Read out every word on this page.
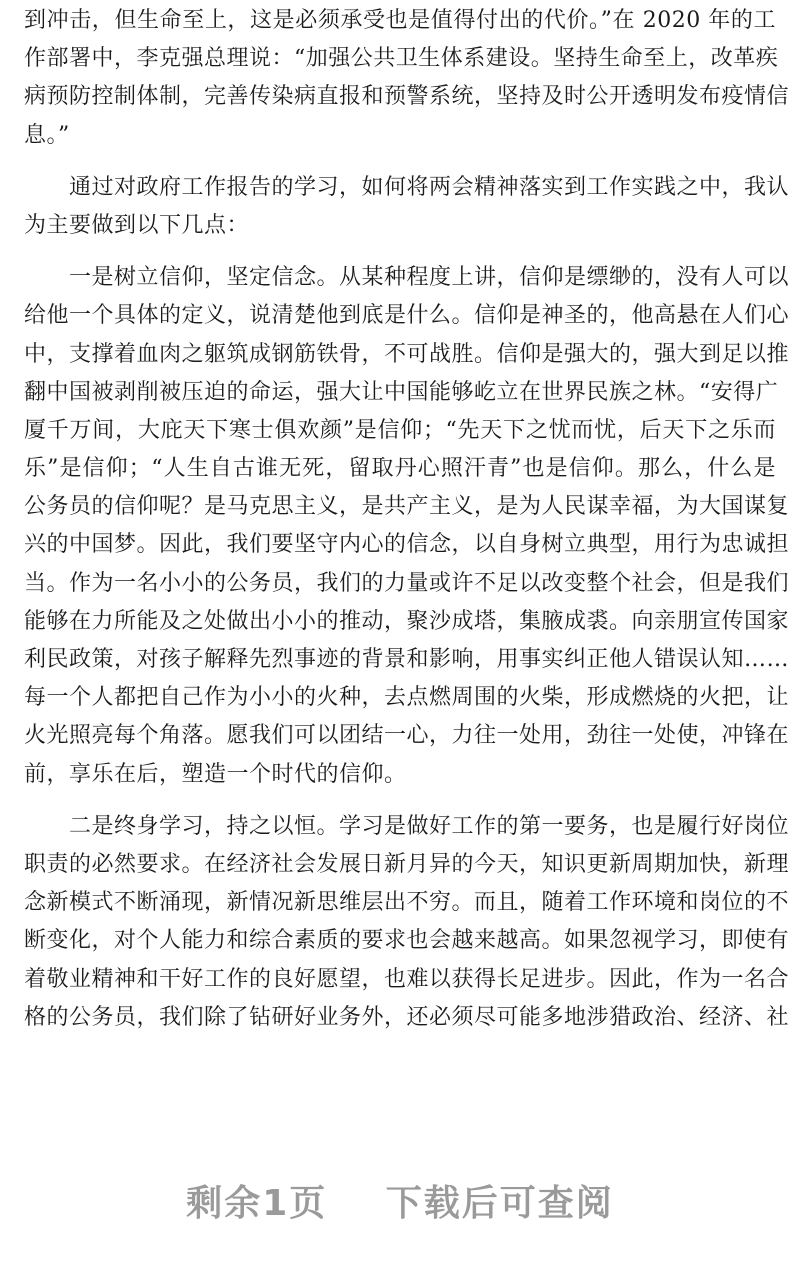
到冲击，但生命至上，这是必须承受也是值得付出的代价。”在 2020 年的工
作部署中，李克强总理说：“加强公共卫生体系建设。坚持生命至上，改革疾
病预防控制体制，完善传染病直报和预警系统，坚持及时公开透明发布疫情信
息。”
　　通过对政府工作报告的学习，如何将两会精神落实到工作实践之中，我认
为主要做到以下几点：
　　一是树立信仰，坚定信念。从某种程度上讲，信仰是缥缈的，没有人可以
给他一个具体的定义，说清楚他到底是什么。信仰是神圣的，他高悬在人们心
中，支撑着血肉之躯筑成钢筋铁骨，不可战胜。信仰是强大的，强大到足以推
翻中国被剥削被压迫的命运，强大让中国能够屹立在世界民族之林。“安得广
厦千万间，大庇天下寒士俱欢颜”是信仰；“先天下之忧而忧，后天下之乐而
乐”是信仰；“人生自古谁无死，留取丹心照汗青”也是信仰。那么，什么是
公务员的信仰呢？是马克思主义，是共产主义，是为人民谋幸福，为大国谋复
兴的中国梦。因此，我们要坚守内心的信念，以自身树立典型，用行为忠诚担
当。作为一名小小的公务员，我们的力量或许不足以改变整个社会，但是我们
能够在力所能及之处做出小小的推动，聚沙成塔，集腋成裘。向亲朋宣传国家
利民政策，对孩子解释先烈事迹的背景和影响，用事实纠正他人错误认知……
每一个人都把自己作为小小的火种，去点燃周围的火柴，形成燃烧的火把，让
火光照亮每个角落。愿我们可以团结一心，力往一处用，劲往一处使，冲锋在
前，享乐在后，塑造一个时代的信仰。
　　二是终身学习，持之以恒。学习是做好工作的第一要务，也是履行好岗位
职责的必然要求。在经济社会发展日新月异的今天，知识更新周期加快，新理
念新模式不断涌现，新情况新思维层出不穷。而且，随着工作环境和岗位的不
断变化，对个人能力和综合素质的要求也会越来越高。如果忽视学习，即使有
着敬业精神和干好工作的良好愿望，也难以获得长足进步。因此，作为一名合
格的公务员，我们除了钻研好业务外，还必须尽可能多地涉猎政治、经济、社
剩余1页 下载后可查阅
